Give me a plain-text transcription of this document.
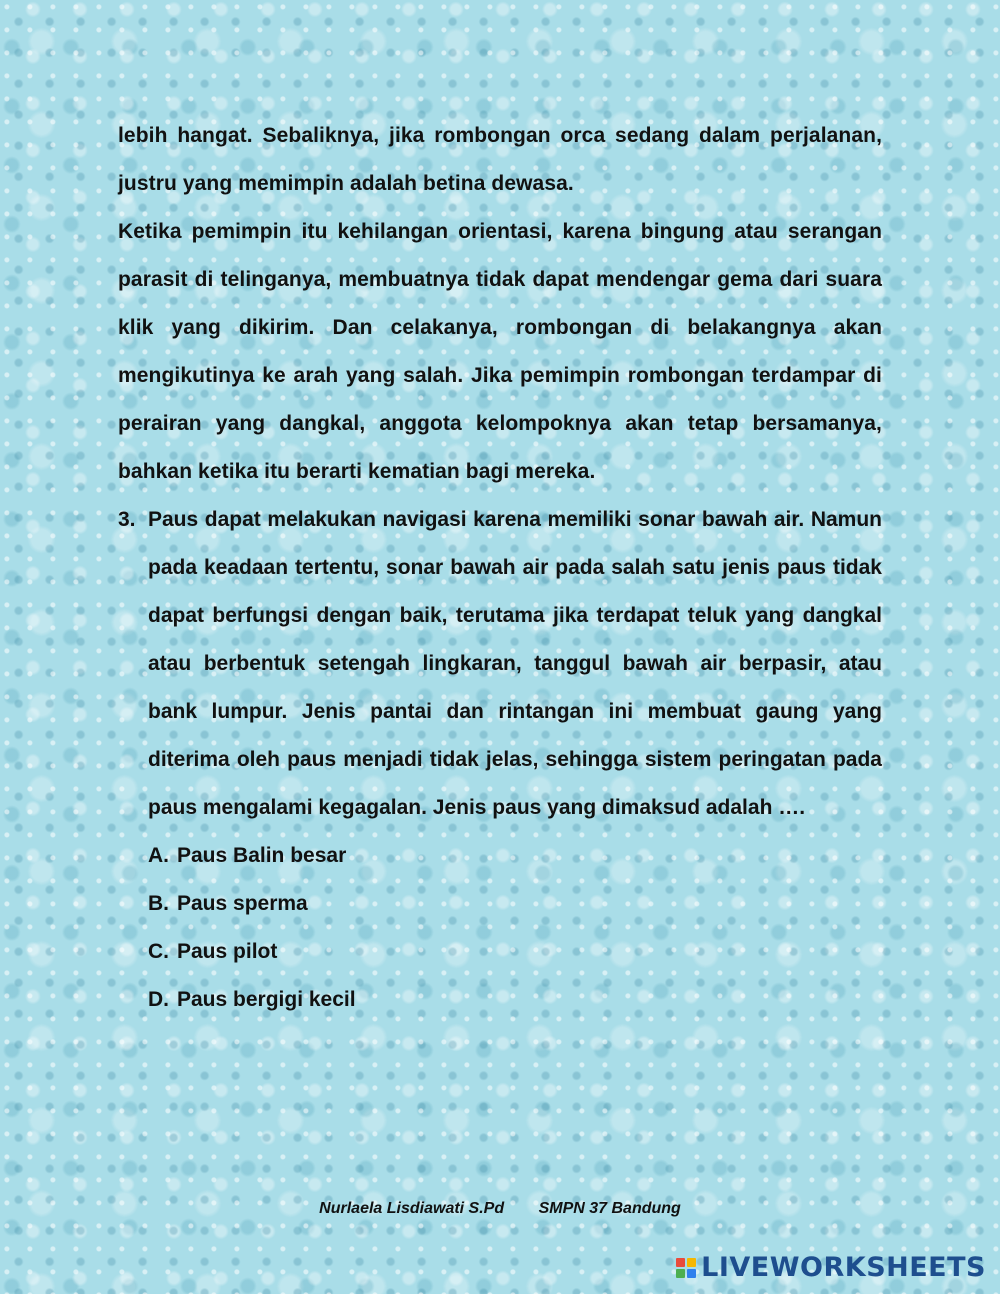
lebih hangat. Sebaliknya, jika rombongan orca sedang dalam perjalanan, justru yang memimpin adalah betina dewasa.

Ketika pemimpin itu kehilangan orientasi, karena bingung atau serangan parasit di telinganya, membuatnya tidak dapat mendengar gema dari suara klik yang dikirim. Dan celakanya, rombongan di belakangnya akan mengikutinya ke arah yang salah. Jika pemimpin rombongan terdampar di perairan yang dangkal, anggota kelompoknya akan tetap bersamanya, bahkan ketika itu berarti kematian bagi mereka.

3. Paus dapat melakukan navigasi karena memiliki sonar bawah air. Namun pada keadaan tertentu, sonar bawah air pada salah satu jenis paus tidak dapat berfungsi dengan baik, terutama jika terdapat teluk yang dangkal atau berbentuk setengah lingkaran, tanggul bawah air berpasir, atau bank lumpur. Jenis pantai dan rintangan ini membuat gaung yang diterima oleh paus menjadi tidak jelas, sehingga sistem peringatan pada paus mengalami kegagalan. Jenis paus yang dimaksud adalah ….
A. Paus Balin besar
B. Paus sperma
C. Paus pilot
D. Paus bergigi kecil
Nurlaela Lisdiawati S.Pd SMPN 37 Bandung
LIVEWORKSHEETS
